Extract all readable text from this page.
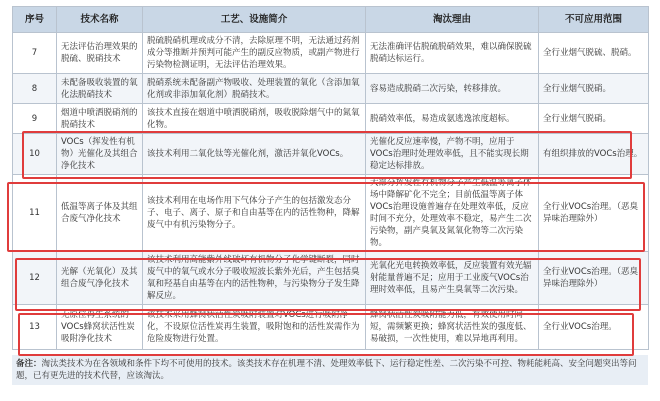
序号	技术名称	工艺、设施简介	淘汰理由	不可应用范围
7	无法评估治理效果的脱硫、脱硝技术	脱硫脱硝机理或成分不清，去除原理不明，无法通过药剂成分等推断并预判可能产生的副反应物质，或副产物进行污染物检测证明，无法评估治理效果。	无法准确评估脱硫脱硝效果，难以确保脱硫脱硝达标运行。	全行业烟气脱硫、脱硝。
8	未配备吸收装置的氧化法脱硝技术	脱硝系统未配备副产物吸收、处理装置的氧化（含添加氧化剂或非添加氧化剂）脱硝技术。	容易造成脱硝二次污染，转移排放。	全行业烟气脱硝。
9	烟道中喷洒脱硝剂的脱硝技术	该技术直接在烟道中喷洒脱硝剂，吸收脱除烟气中的氮氧化物。	脱硝效率低，易造成氨逃逸浓度超标。	全行业烟气脱硝。
10	VOCs（挥发性有机物）光催化及其组合净化技术	该技术利用二氧化钛等光催化剂，激活并氧化VOCs。	光催化反应速率慢，产物不明，应用于VOCs治理时处理效率低，且不能实现长期稳定达标排放。	有组织排放的VOCs治理。
11	低温等离子体及其组合废气净化技术	该技术利用在电场作用下气体分子产生的包括激发态分子、电子、离子、原子和自由基等在内的活性物种，降解废气中有机污染物分子。	大部分挥发性有机物分子产生低温等离子体场中降解矿化不完全；目前低温等离子体VOCs治理设施普遍存在处理效率低，反应时间不充分，处理效率不稳定，易产生二次污染物，副产臭氧及氮氧化物等二次污染物。	全行业VOCs治理。（恶臭异味治理除外）
12	光解（光氧化）及其组合废气净化技术	该技术利用高能紫外线破坏有机物分子化学键断裂，同时废气中的氧气或水分子吸收短波长紫外光后，产生包括臭氧和羟基自由基等在内的活性物种，与污染物分子发生降解反应。	光氧化光电转换效率低，反应装置有效光辐射能量普遍不足；应用于工业废气VOCs治理时效率低，且易产生臭氧等二次污染。	全行业VOCs治理。（恶臭异味治理除外）
13	无原位再生系统的VOCs蜂窝状活性炭吸附净化技术	该技术采用蜂窝状活性炭吸附装置对VOCs进行吸附净化，不设原位活性炭再生装置，吸附饱和的活性炭需作为危险废物进行处置。	蜂窝状活性炭吸附能力低，有效使用时间短，需频繁更换；蜂窝状活性炭的强度低、易破损，一次性使用，难以异地再利用。	全行业VOCs治理。
备注：淘汰类技术为在各领域和条件下均不可使用的技术。该类技术存在机理不清、处理效率低下、运行稳定性差、二次污染不可控、物耗能耗高、安全问题突出等问题，已有更先进的技术代替，应该淘汰。
